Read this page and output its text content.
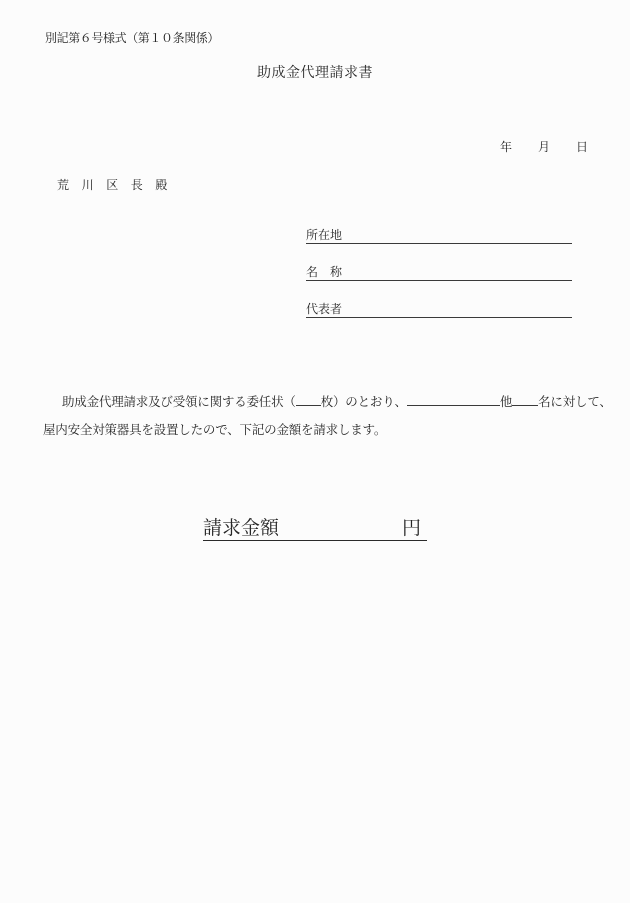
別記第６号様式（第１０条関係）
助成金代理請求書
年　月　日
荒　川　区　長　殿
所在地
名　称
代表者
助成金代理請求及び受領に関する委任状（ 枚）のとおり、	他 名に対して、
屋内安全対策器具を設置したので、下記の金額を請求します。
請求金額	円
